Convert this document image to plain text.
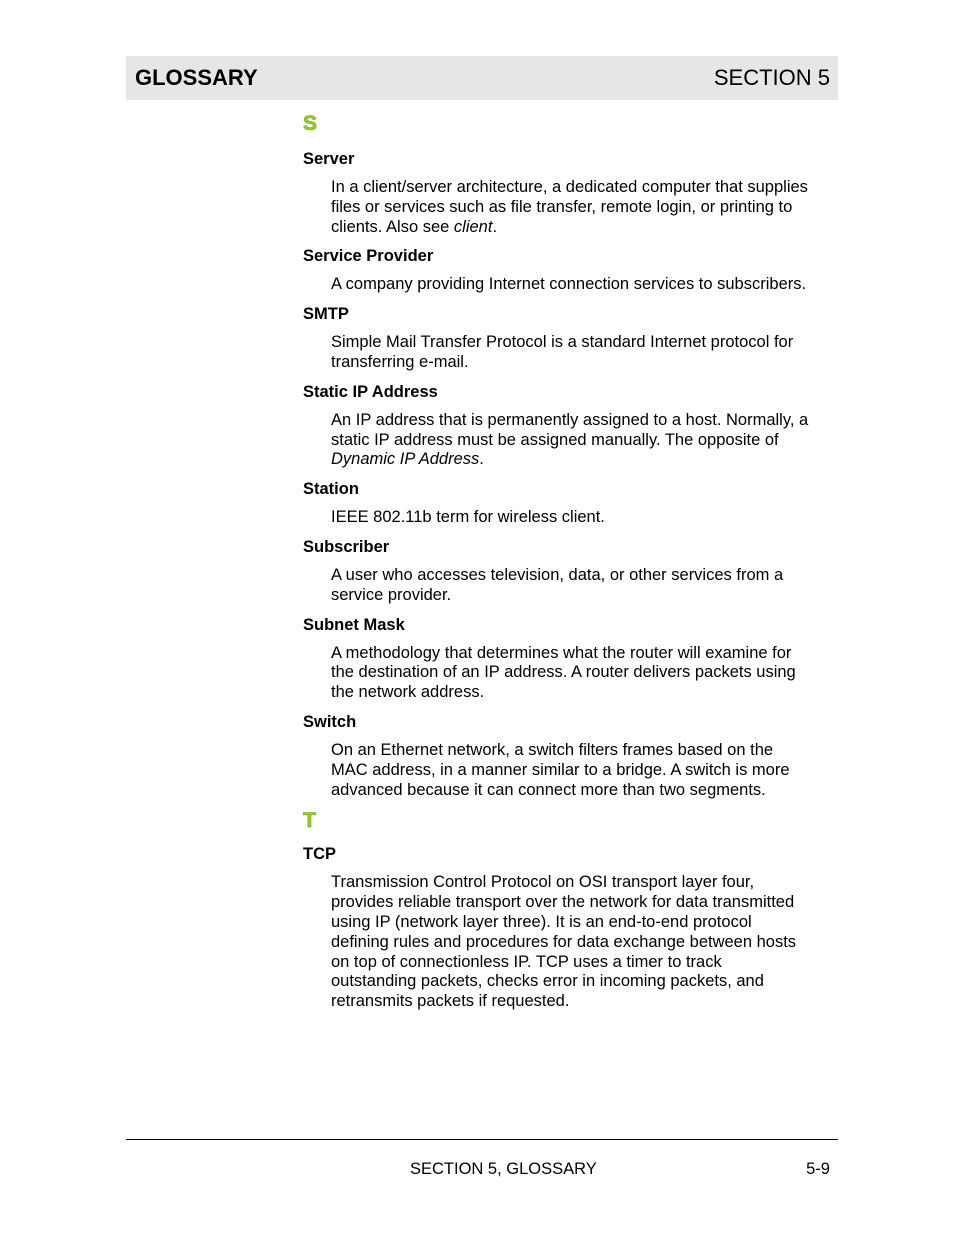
GLOSSARY	SECTION 5
S
Server
In a client/server architecture, a dedicated computer that supplies
files or services such as file transfer, remote login, or printing to
clients. Also see client.
Service Provider
A company providing Internet connection services to subscribers.
SMTP
Simple Mail Transfer Protocol is a standard Internet protocol for
transferring e-mail.
Static IP Address
An IP address that is permanently assigned to a host. Normally, a
static IP address must be assigned manually. The opposite of
Dynamic IP Address.
Station
IEEE 802.11b term for wireless client.
Subscriber
A user who accesses television, data, or other services from a
service provider.
Subnet Mask
A methodology that determines what the router will examine for
the destination of an IP address. A router delivers packets using
the network address.
Switch
On an Ethernet network, a switch filters frames based on the
MAC address, in a manner similar to a bridge. A switch is more
advanced because it can connect more than two segments.
T
TCP
Transmission Control Protocol on OSI transport layer four,
provides reliable transport over the network for data transmitted
using IP (network layer three). It is an end-to-end protocol
defining rules and procedures for data exchange between hosts
on top of connectionless IP. TCP uses a timer to track
outstanding packets, checks error in incoming packets, and
retransmits packets if requested.
SECTION 5, GLOSSARY	5-9
